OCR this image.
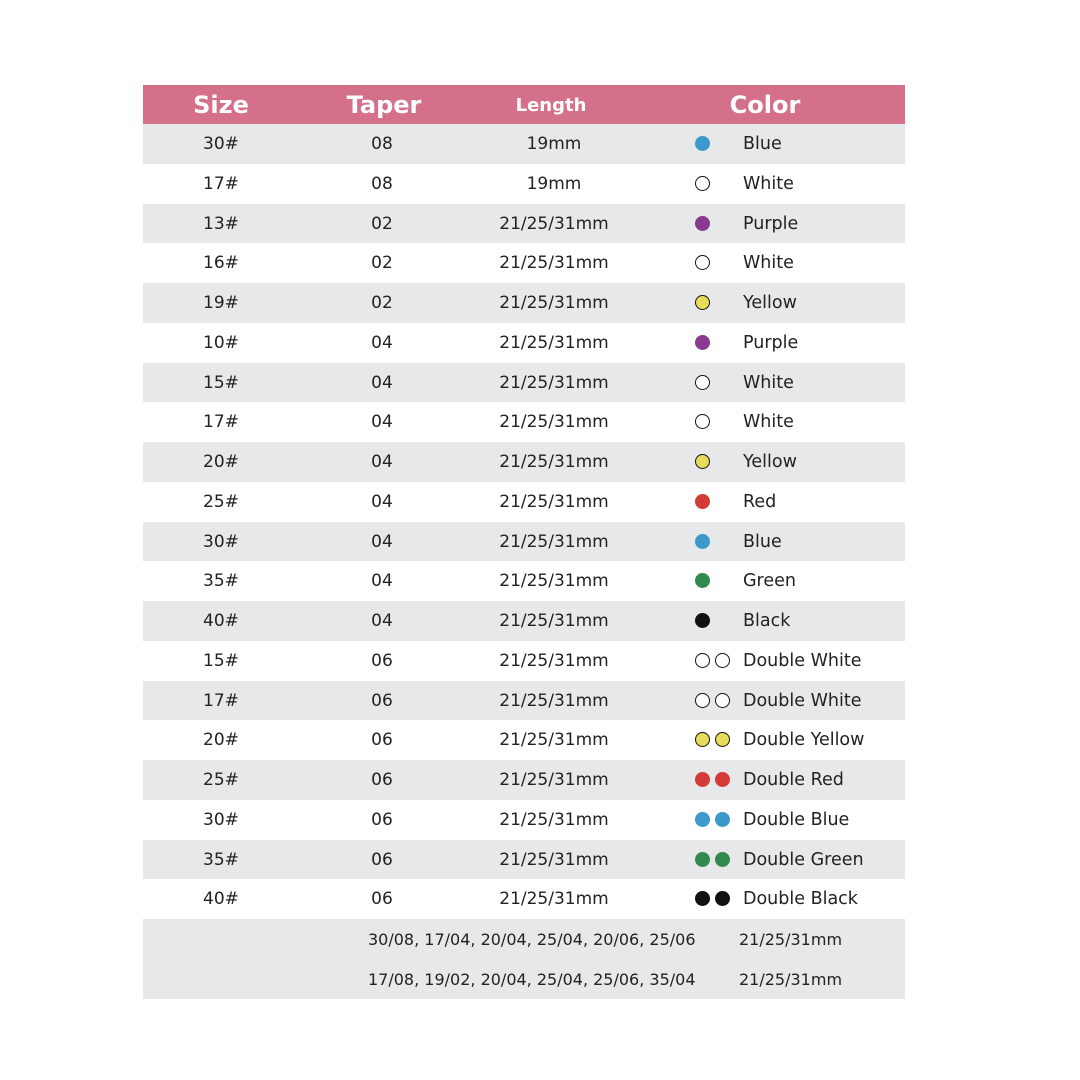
Size	Taper	Length	Color
30#	08	19mm	Blue
17#	08	19mm	White
13#	02	21/25/31mm	Purple
16#	02	21/25/31mm	White
19#	02	21/25/31mm	Yellow
10#	04	21/25/31mm	Purple
15#	04	21/25/31mm	White
17#	04	21/25/31mm	White
20#	04	21/25/31mm	Yellow
25#	04	21/25/31mm	Red
30#	04	21/25/31mm	Blue
35#	04	21/25/31mm	Green
40#	04	21/25/31mm	Black
15#	06	21/25/31mm	Double White
17#	06	21/25/31mm	Double White
20#	06	21/25/31mm	Double Yellow
25#	06	21/25/31mm	Double Red
30#	06	21/25/31mm	Double Blue
35#	06	21/25/31mm	Double Green
40#	06	21/25/31mm	Double Black
30/08, 17/04, 20/04, 25/04, 20/06, 25/06	21/25/31mm
17/08, 19/02, 20/04, 25/04, 25/06, 35/04	21/25/31mm
